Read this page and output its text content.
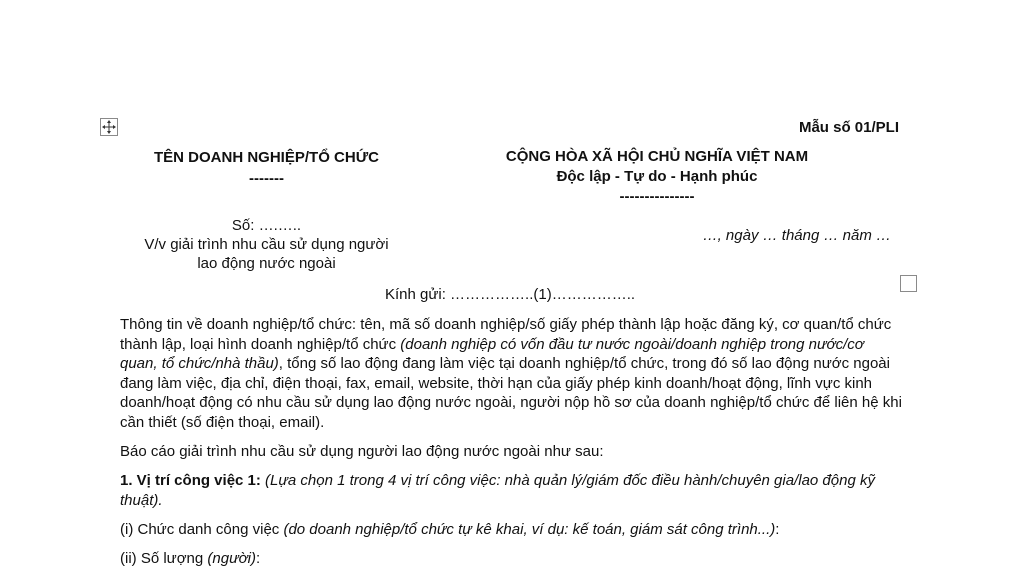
Mẫu số 01/PLI
TÊN DOANH NGHIỆP/TỔ CHỨC
-------
CỘNG HÒA XÃ HỘI CHỦ NGHĨA VIỆT NAM
Độc lập - Tự do - Hạnh phúc
---------------
Số: ….…..
V/v giải trình nhu cầu sử dụng người
lao động nước ngoài
…, ngày … tháng … năm …
Kính gửi: ……………..(1)……………..
Thông tin về doanh nghiệp/tổ chức: tên, mã số doanh nghiệp/số giấy phép thành lập hoặc đăng ký, cơ quan/tổ chức thành lập, loại hình doanh nghiệp/tổ chức (doanh nghiệp có vốn đầu tư nước ngoài/doanh nghiệp trong nước/cơ quan, tổ chức/nhà thầu), tổng số lao động đang làm việc tại doanh nghiệp/tổ chức, trong đó số lao động nước ngoài đang làm việc, địa chỉ, điện thoại, fax, email, website, thời hạn của giấy phép kinh doanh/hoạt động, lĩnh vực kinh doanh/hoạt động có nhu cầu sử dụng lao động nước ngoài, người nộp hồ sơ của doanh nghiệp/tổ chức để liên hệ khi cần thiết (số điện thoại, email).
Báo cáo giải trình nhu cầu sử dụng người lao động nước ngoài như sau:
1. Vị trí công việc 1: (Lựa chọn 1 trong 4 vị trí công việc: nhà quản lý/giám đốc điều hành/chuyên gia/lao động kỹ thuật).
(i) Chức danh công việc (do doanh nghiệp/tổ chức tự kê khai, ví dụ: kế toán, giám sát công trình...):
(ii) Số lượng (người):
